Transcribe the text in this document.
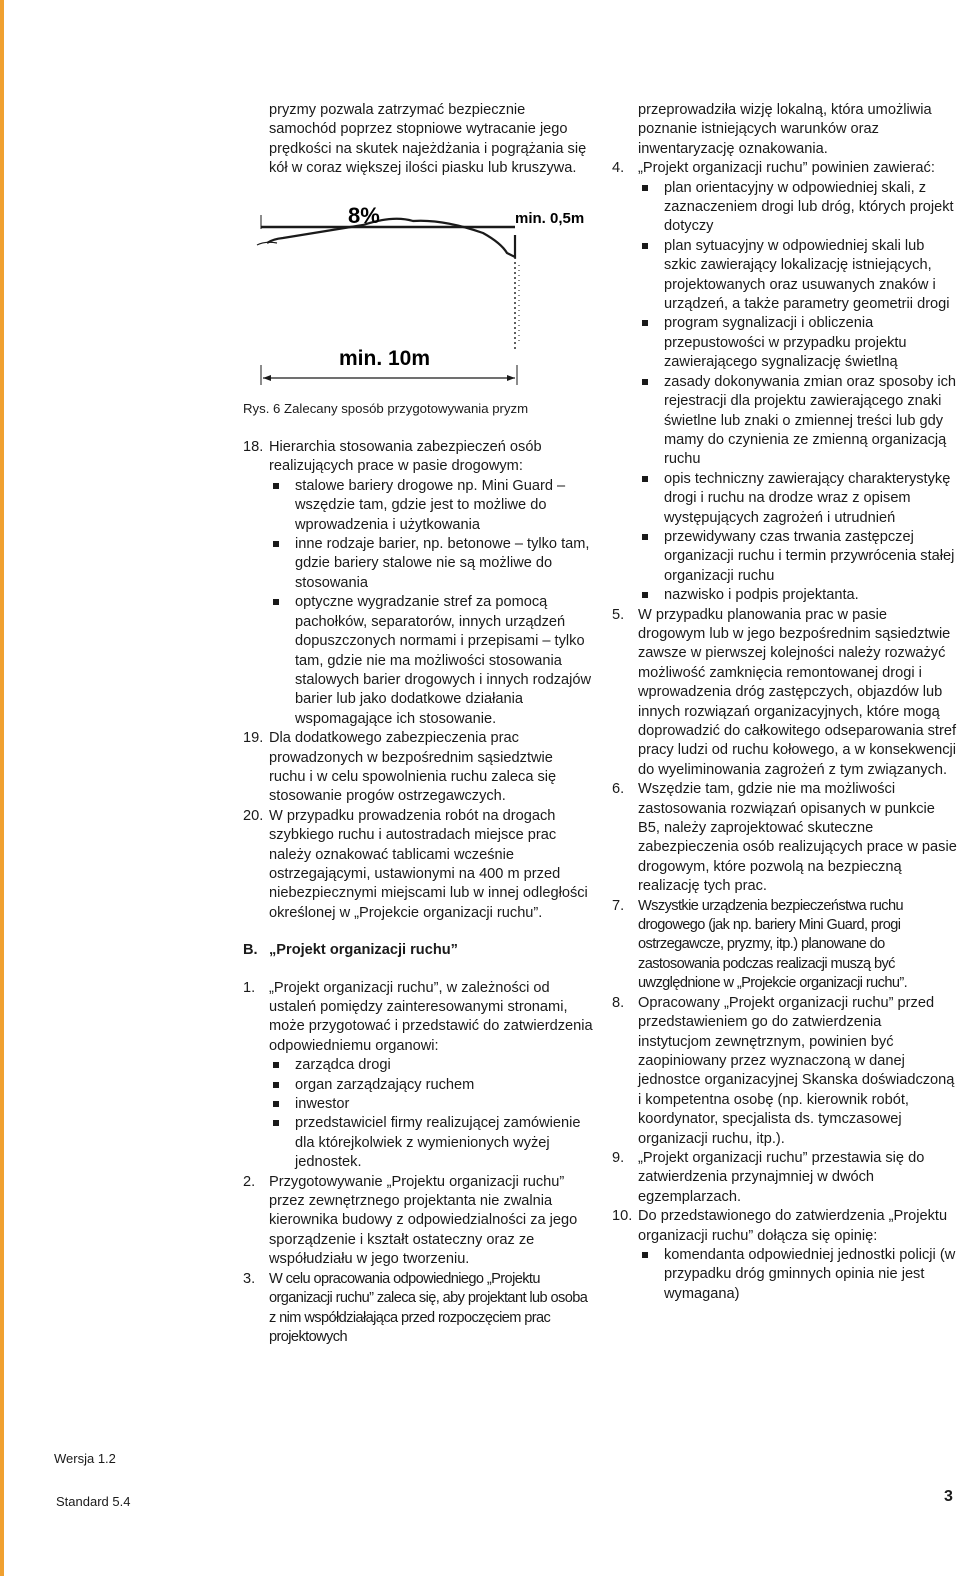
pryzmy pozwala zatrzymać bezpiecznie samochód poprzez stopniowe wytracanie jego prędkości na skutek najeżdżania i pogrążania się kół w coraz większej ilości piasku lub kruszywa.

8%	min. 0,5m
min. 10m

Rys. 6 Zalecany sposób przygotowywania pryzm

18. Hierarchia stosowania zabezpieczeń osób realizujących prace w pasie drogowym:
stalowe bariery drogowe np. Mini Guard – wszędzie tam, gdzie jest to możliwe do wprowadzenia i użytkowania
inne rodzaje barier, np. betonowe – tylko tam, gdzie bariery stalowe nie są możliwe do stosowania
optyczne wygradzanie stref za pomocą pachołków, separatorów, innych urządzeń dopuszczonych normami i przepisami – tylko tam, gdzie nie ma możliwości stosowania stalowych barier drogowych i innych rodzajów barier lub jako dodatkowe działania wspomagające ich stosowanie.
19. Dla dodatkowego zabezpieczenia prac prowadzonych w bezpośrednim sąsiedztwie ruchu i w celu spowolnienia ruchu zaleca się stosowanie progów ostrzegawczych.
20. W przypadku prowadzenia robót na drogach szybkiego ruchu i autostradach miejsce prac należy oznakować tablicami wcześnie ostrzegającymi, ustawionymi na 400 m przed niebezpiecznymi miejscami lub w innej odległości określonej w „Projekcie organizacji ruchu”.
B. „Projekt organizacji ruchu”
1. „Projekt organizacji ruchu”, w zależności od ustaleń pomiędzy zainteresowanymi stronami, może przygotować i przedstawić do zatwierdzenia odpowiedniemu organowi:
zarządca drogi
organ zarządzający ruchem
inwestor
przedstawiciel firmy realizującej zamówienie dla którejkolwiek z wymienionych wyżej jednostek.
2. Przygotowywanie „Projektu organizacji ruchu” przez zewnętrznego projektanta nie zwalnia kierownika budowy z odpowiedzialności za jego sporządzenie i kształt ostateczny oraz ze współudziału w jego tworzeniu.
3. W celu opracowania odpowiedniego „Projektu organizacji ruchu” zaleca się, aby projektant lub osoba z nim współdziałająca przed rozpoczęciem prac projektowych

przeprowadziła wizję lokalną, która umożliwia poznanie istniejących warunków oraz inwentaryzację oznakowania.

4. „Projekt organizacji ruchu” powinien zawierać:
plan orientacyjny w odpowiedniej skali, z zaznaczeniem drogi lub dróg, których projekt dotyczy
plan sytuacyjny w odpowiedniej skali lub szkic zawierający lokalizację istniejących, projektowanych oraz usuwanych znaków i urządzeń, a także parametry geometrii drogi
program sygnalizacji i obliczenia przepustowości w przypadku projektu zawierającego sygnalizację świetlną
zasady dokonywania zmian oraz sposoby ich rejestracji dla projektu zawierającego znaki świetlne lub znaki o zmiennej treści lub gdy mamy do czynienia ze zmienną organizacją ruchu
opis techniczny zawierający charakterystykę drogi i ruchu na drodze wraz z opisem występujących zagrożeń i utrudnień
przewidywany czas trwania zastępczej organizacji ruchu i termin przywrócenia stałej organizacji ruchu
nazwisko i podpis projektanta.
5. W przypadku planowania prac w pasie drogowym lub w jego bezpośrednim sąsiedztwie zawsze w pierwszej kolejności należy rozważyć możliwość zamknięcia remontowanej drogi i wprowadzenia dróg zastępczych, objazdów lub innych rozwiązań organizacyjnych, które mogą doprowadzić do całkowitego odseparowania stref pracy ludzi od ruchu kołowego, a w konsekwencji do wyeliminowania zagrożeń z tym związanych.
6. Wszędzie tam, gdzie nie ma możliwości zastosowania rozwiązań opisanych w punkcie B5, należy zaprojektować skuteczne zabezpieczenia osób realizujących prace w pasie drogowym, które pozwolą na bezpieczną realizację tych prac.
7. Wszystkie urządzenia bezpieczeństwa ruchu drogowego (jak np. bariery Mini Guard, progi ostrzegawcze, pryzmy, itp.) planowane do zastosowania podczas realizacji muszą być uwzględnione w „Projekcie organizacji ruchu”.
8. Opracowany „Projekt organizacji ruchu” przed przedstawieniem go do zatwierdzenia instytucjom zewnętrznym, powinien być zaopiniowany przez wyznaczoną w danej jednostce organizacyjnej Skanska doświadczoną i kompetentna osobę (np. kierownik robót, koordynator, specjalista ds. tymczasowej organizacji ruchu, itp.).
9. „Projekt organizacji ruchu” przestawia się do zatwierdzenia przynajmniej w dwóch egzemplarzach.
10. Do przedstawionego do zatwierdzenia „Projektu organizacji ruchu” dołącza się opinię:
komendanta odpowiedniej jednostki policji (w przypadku dróg gminnych opinia nie jest wymagana)
Wersja 1.2
Standard 5.4	3
